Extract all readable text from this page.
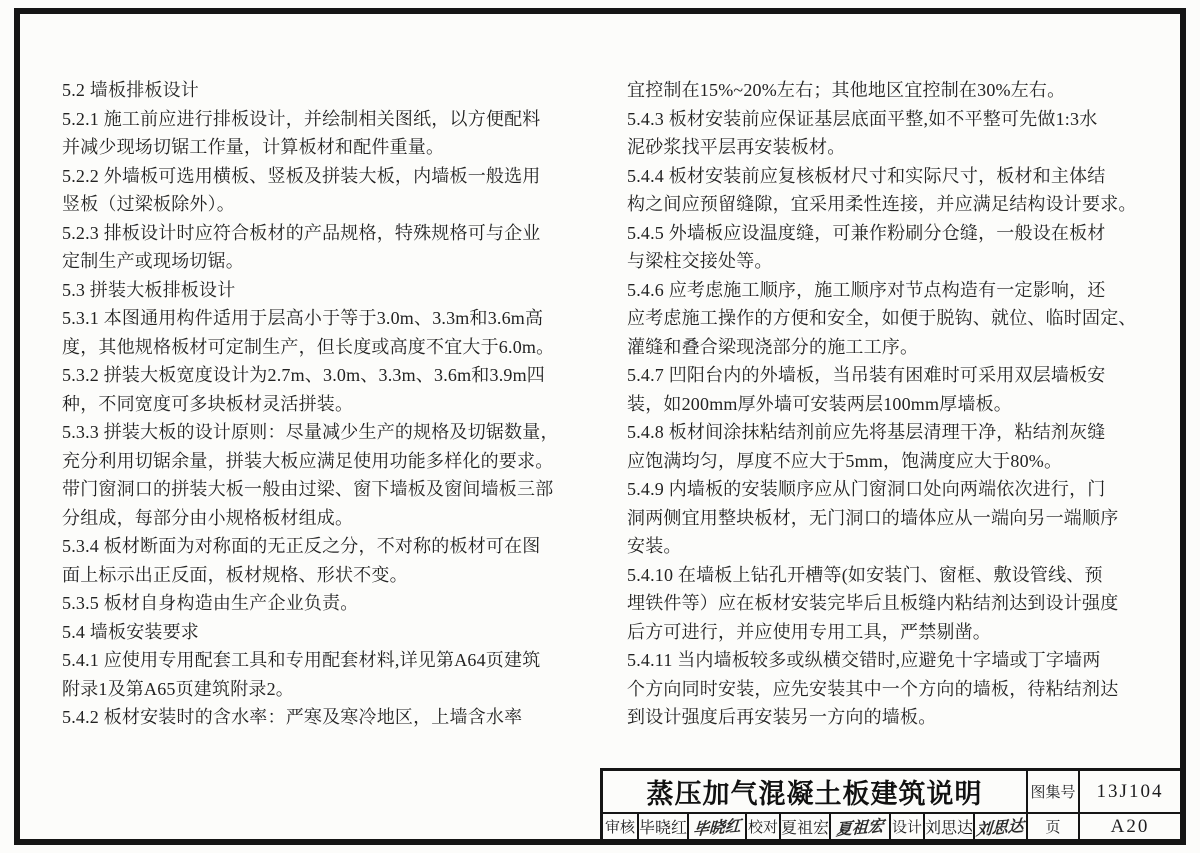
5.2 墙板排板设计
5.2.1 施工前应进行排板设计，并绘制相关图纸，以方便配料
并减少现场切锯工作量，计算板材和配件重量。
5.2.2 外墙板可选用横板、竖板及拼装大板，内墙板一般选用
竖板（过梁板除外）。
5.2.3 排板设计时应符合板材的产品规格，特殊规格可与企业
定制生产或现场切锯。
5.3 拼装大板排板设计
5.3.1 本图通用构件适用于层高小于等于3.0m、3.3m和3.6m高
度，其他规格板材可定制生产，但长度或高度不宜大于6.0m。
5.3.2 拼装大板宽度设计为2.7m、3.0m、3.3m、3.6m和3.9m四
种，不同宽度可多块板材灵活拼装。
5.3.3 拼装大板的设计原则：尽量减少生产的规格及切锯数量，
充分利用切锯余量，拼装大板应满足使用功能多样化的要求。
带门窗洞口的拼装大板一般由过梁、窗下墙板及窗间墙板三部
分组成，每部分由小规格板材组成。
5.3.4 板材断面为对称面的无正反之分，不对称的板材可在图
面上标示出正反面，板材规格、形状不变。
5.3.5 板材自身构造由生产企业负责。
5.4 墙板安装要求
5.4.1 应使用专用配套工具和专用配套材料,详见第A64页建筑
附录1及第A65页建筑附录2。
5.4.2 板材安装时的含水率：严寒及寒冷地区，上墙含水率
宜控制在15%~20%左右；其他地区宜控制在30%左右。
5.4.3 板材安装前应保证基层底面平整,如不平整可先做1:3水
泥砂浆找平层再安装板材。
5.4.4 板材安装前应复核板材尺寸和实际尺寸，板材和主体结
构之间应预留缝隙，宜采用柔性连接，并应满足结构设计要求。
5.4.5 外墙板应设温度缝，可兼作粉刷分仓缝，一般设在板材
与梁柱交接处等。
5.4.6 应考虑施工顺序，施工顺序对节点构造有一定影响，还
应考虑施工操作的方便和安全，如便于脱钩、就位、临时固定、
灌缝和叠合梁现浇部分的施工工序。
5.4.7 凹阳台内的外墙板，当吊装有困难时可采用双层墙板安
装，如200mm厚外墙可安装两层100mm厚墙板。
5.4.8 板材间涂抹粘结剂前应先将基层清理干净，粘结剂灰缝
应饱满均匀，厚度不应大于5mm，饱满度应大于80%。
5.4.9 内墙板的安装顺序应从门窗洞口处向两端依次进行，门
洞两侧宜用整块板材，无门洞口的墙体应从一端向另一端顺序
安装。
5.4.10 在墙板上钻孔开槽等(如安装门、窗框、敷设管线、预
埋铁件等）应在板材安装完毕后且板缝内粘结剂达到设计强度
后方可进行，并应使用专用工具，严禁剔凿。
5.4.11 当内墙板较多或纵横交错时,应避免十字墙或丁字墙两
个方向同时安装，应先安装其中一个方向的墙板，待粘结剂达
到设计强度后再安装另一方向的墙板。
蒸压加气混凝土板建筑说明	图集号	13J104
审核 毕晓红 毕晓红 校对 夏祖宏 夏祖宏 设计 刘思达 刘思达	页	A20
